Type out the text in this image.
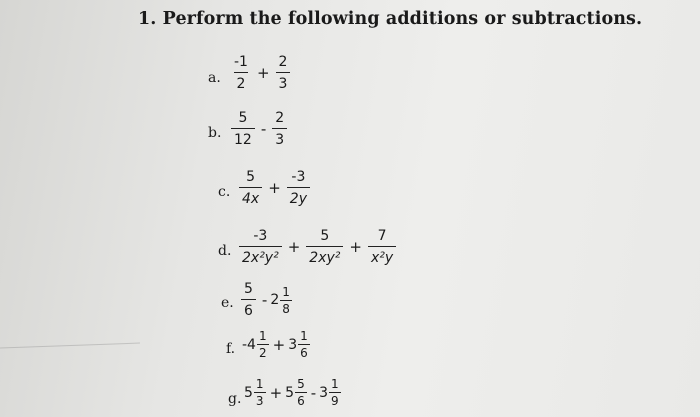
1. Perform the following additions or subtractions.
a. $\frac{-1}{2} + \frac{2}{3}$
b. $\frac{5}{12} - \frac{2}{3}$
c. $\frac{5}{4x} + \frac{-3}{2y}$
d. $\frac{-3}{\text{2x²y²}} + \frac{5}{\text{2xy²}} + \frac{7}{\text{x²y}}$
e. $\frac{5}{6} - 2 \frac{1}{8}$
f. $-4 \frac{1}{2} + 3 \frac{1}{6}$
g. $5 \frac{1}{3} + 5 \frac{5}{6} - 3 \frac{1}{9}$
